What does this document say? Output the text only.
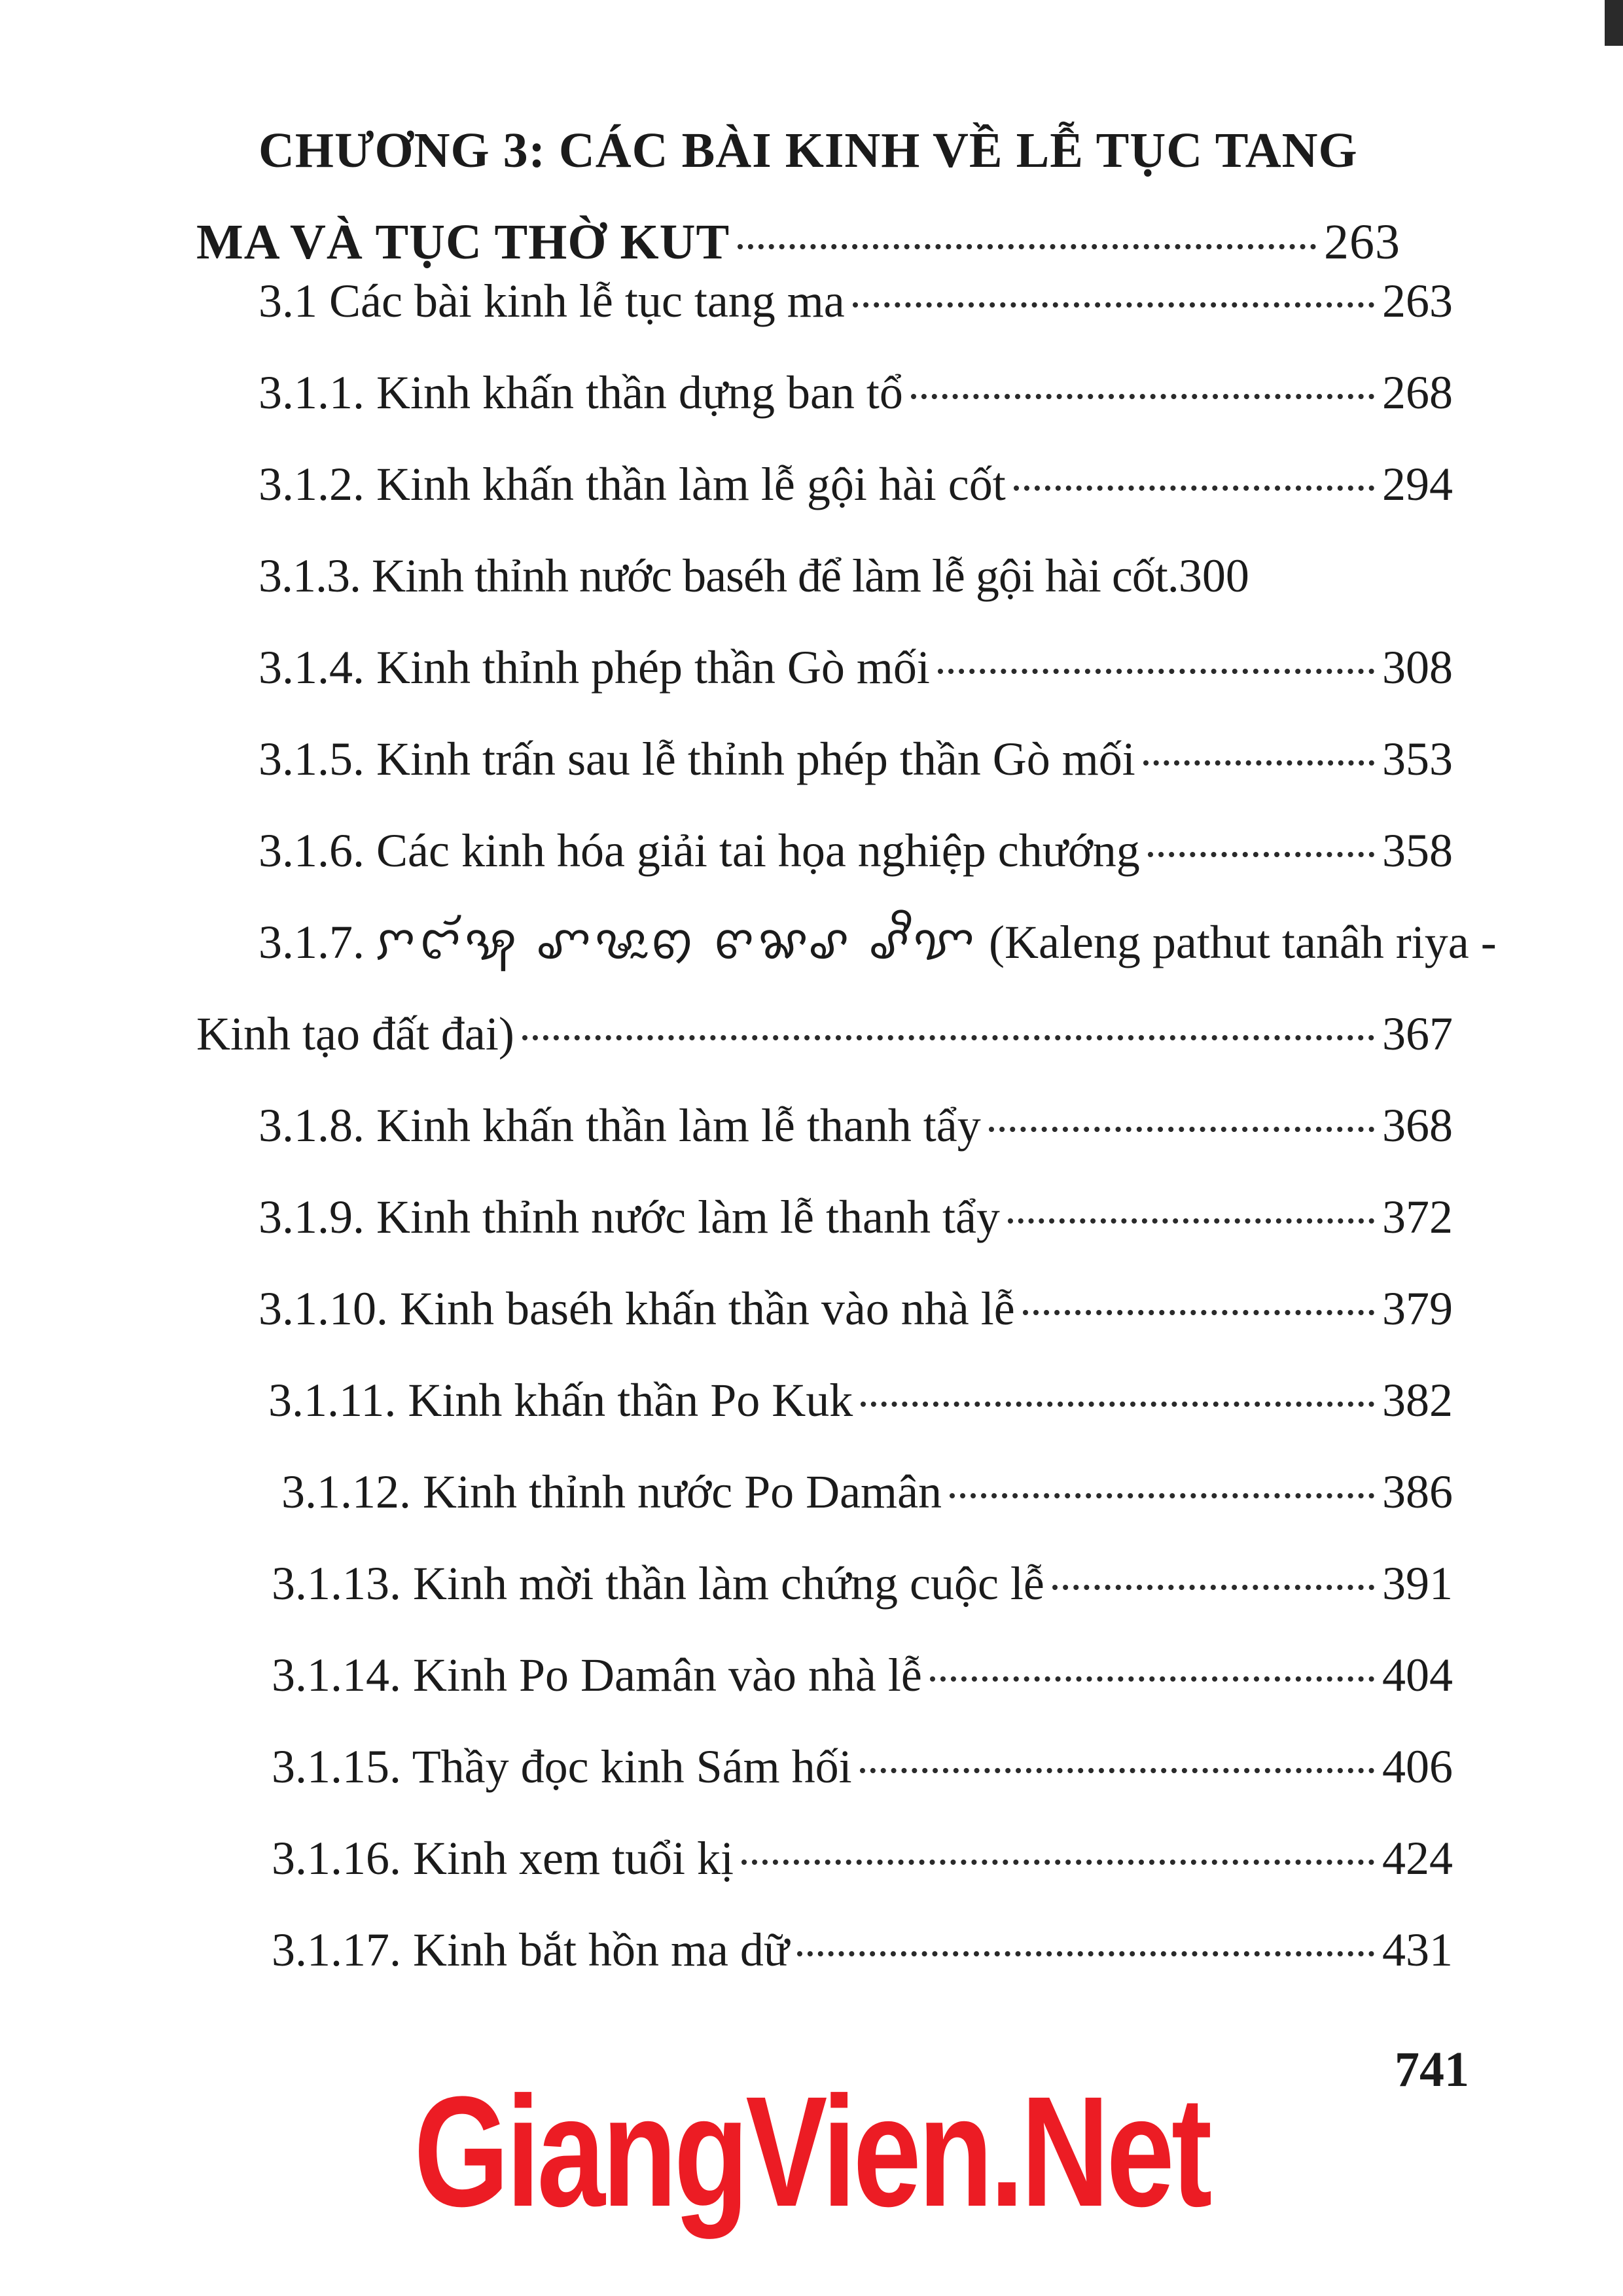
CHƯƠNG 3: CÁC BÀI KINH VỀ LỄ TỤC TANG
MA VÀ TỤC THỜ KUT	263
3.1 Các bài kinh lễ tục tang ma	263
3.1.1. Kinh khấn thần dựng ban tổ	268
3.1.2. Kinh khấn thần làm lễ gội hài cốt	294
3.1.3. Kinh thỉnh nước baséh để làm lễ gội hài cốt. 300
3.1.4. Kinh thỉnh phép thần Gò mối	308
3.1.5. Kinh trấn sau lễ thỉnh phép thần Gò mối	353
3.1.6. Các kinh hóa giải tai họa nghiệp chướng	358
3.1.7. ꨆꨤꨮꩂ ꨚꨔꨭꩅ ꨓꨗꨣ ꨣꨪꨢ (Kaleng pathut tanâh riya -
Kinh tạo đất đai)	367
3.1.8. Kinh khấn thần làm lễ thanh tẩy	368
3.1.9. Kinh thỉnh nước làm lễ thanh tẩy	372
3.1.10. Kinh baséh khấn thần vào nhà lễ	379
3.1.11. Kinh khấn thần Po Kuk	382
3.1.12. Kinh thỉnh nước Po Damân	386
3.1.13. Kinh mời thần làm chứng cuộc lễ	391
3.1.14. Kinh Po Damân vào nhà lễ	404
3.1.15. Thầy đọc kinh Sám hối	406
3.1.16. Kinh xem tuổi kị	424
3.1.17. Kinh bắt hồn ma dữ	431
741
GiangVien.Net
